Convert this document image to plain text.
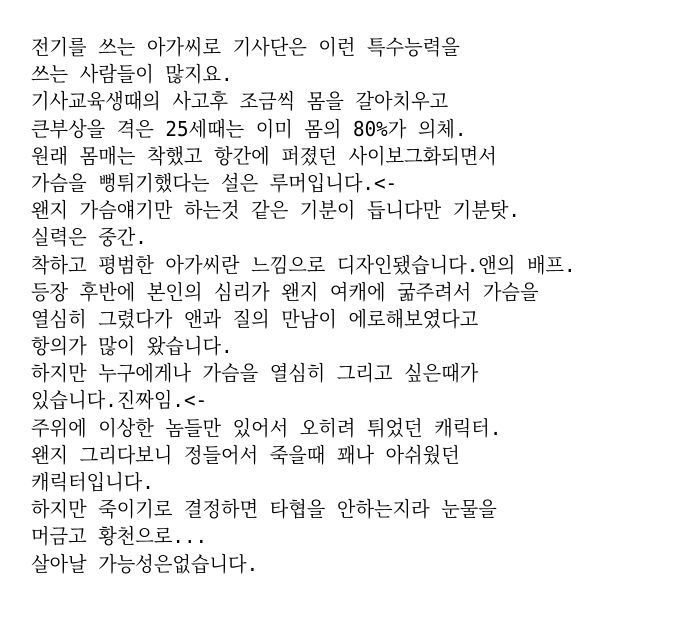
전기를 쓰는 아가씨로 기사단은 이런 특수능력을
쓰는 사람들이 많지요.
기사교육생때의 사고후 조금씩 몸을 갈아치우고
큰부상을 격은 25세때는 이미 몸의 80%가 의체.
원래 몸매는 착했고 항간에 퍼졌던 사이보그화되면서
가슴을 뻥튀기했다는 설은 루머입니다.<-
왠지 가슴얘기만 하는것 같은 기분이 듭니다만 기분탓.
실력은 중간.
착하고 평범한 아가씨란 느낌으로 디자인됐습니다.앤의 배프.
등장 후반에 본인의 심리가 왠지 여캐에 굶주려서 가슴을
열심히 그렸다가 앤과 질의 만남이 에로해보였다고
항의가 많이 왔습니다.
하지만 누구에게나 가슴을 열심히 그리고 싶은때가
있습니다.진짜임.<-
주위에 이상한 놈들만 있어서 오히려 튀었던 캐릭터.
왠지 그리다보니 정들어서 죽을때 꽤나 아쉬웠던
캐릭터입니다.
하지만 죽이기로 결정하면 타협을 안하는지라 눈물을
머금고 황천으로...
살아날 가능성은없습니다.
